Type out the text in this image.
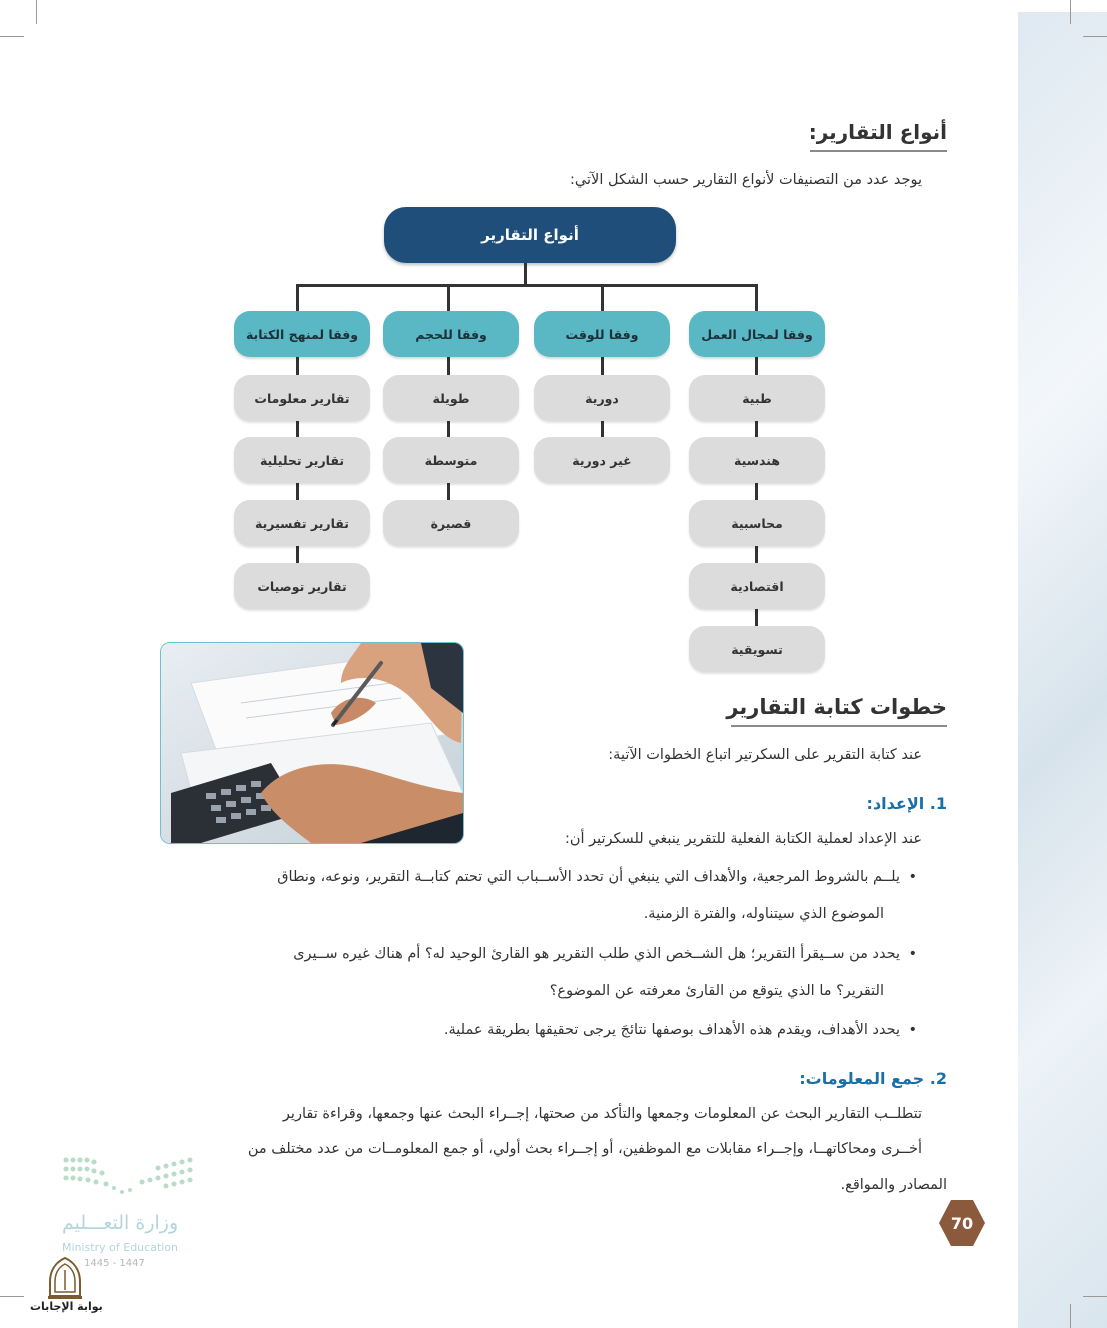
أنواع التقارير:
يوجد عدد من التصنيفات لأنواع التقارير حسب الشكل الآتي:
أنواع التقارير
وفقا لمجال العمل
طبية
هندسية
محاسبية
اقتصادية
تسويقية
وفقا للوقت
دورية
غير دورية
وفقا للحجم
طويلة
متوسطة
قصيرة
وفقا لمنهج الكتابة
تقارير معلومات
تقارير تحليلية
تقارير تفسيرية
تقارير توصيات
خطوات كتابة التقارير
عند كتابة التقرير على السكرتير اتباع الخطوات الآتية:
1. الإعداد:
عند الإعداد لعملية الكتابة الفعلية للتقرير ينبغي للسكرتير أن:
يلــم بالشروط المرجعية، والأهداف التي ينبغي أن تحدد الأســباب التي تحتم كتابــة التقرير، ونوعه، ونطاق •
الموضوع الذي سيتناوله، والفترة الزمنية.
يحدد من ســيقرأ التقرير؛ هل الشــخص الذي طلب التقرير هو القارئ الوحيد له؟ أم هناك غيره ســيرى •
التقرير؟ ما الذي يتوقع من القارئ معرفته عن الموضوع؟
يحدد الأهداف، ويقدم هذه الأهداف بوصفها نتائجَ يرجى تحقيقها بطريقة عملية. •
2. جمع المعلومات:
تتطلــب التقارير البحث عن المعلومات وجمعها والتأكد من صحتها، إجــراء البحث عنها وجمعها، وقراءة تقارير
أخــرى ومحاكاتهــا، وإجــراء مقابلات مع الموظفين، أو إجــراء بحث أولي، أو جمع المعلومــات من عدد مختلف من
المصادر والمواقع.
70
وزارة التعـــليم
Ministry of Education
1445 - 1447
بوابة الإجابات
